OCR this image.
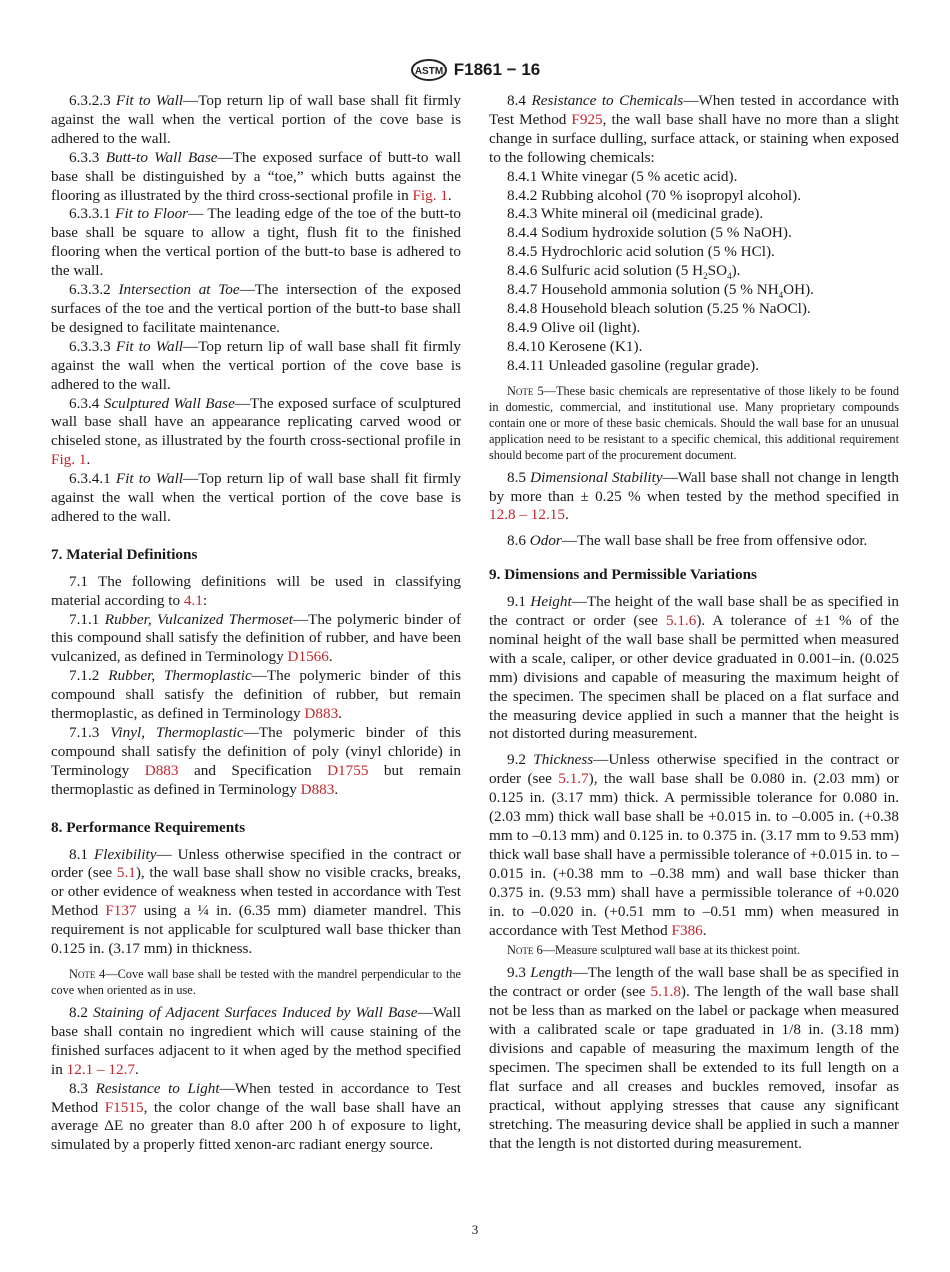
ASTM F1861 − 16

6.3.2.3 Fit to Wall—Top return lip of wall base shall fit firmly against the wall when the vertical portion of the cove base is adhered to the wall.

6.3.3 Butt-to Wall Base—The exposed surface of butt-to wall base shall be distinguished by a “toe,” which butts against the flooring as illustrated by the third cross-sectional profile in Fig. 1.

6.3.3.1 Fit to Floor— The leading edge of the toe of the butt-to base shall be square to allow a tight, flush fit to the finished flooring when the vertical portion of the butt-to base is adhered to the wall.

6.3.3.2 Intersection at Toe—The intersection of the exposed surfaces of the toe and the vertical portion of the butt-to base shall be designed to facilitate maintenance.

6.3.3.3 Fit to Wall—Top return lip of wall base shall fit firmly against the wall when the vertical portion of the cove base is adhered to the wall.

6.3.4 Sculptured Wall Base—The exposed surface of sculptured wall base shall have an appearance replicating carved wood or chiseled stone, as illustrated by the fourth cross-sectional profile in Fig. 1.

6.3.4.1 Fit to Wall—Top return lip of wall base shall fit firmly against the wall when the vertical portion of the cove base is adhered to the wall.

7. Material Definitions

7.1 The following definitions will be used in classifying material according to 4.1:

7.1.1 Rubber, Vulcanized Thermoset—The polymeric binder of this compound shall satisfy the definition of rubber, and have been vulcanized, as defined in Terminology D1566.

7.1.2 Rubber, Thermoplastic—The polymeric binder of this compound shall satisfy the definition of rubber, but remain thermoplastic, as defined in Terminology D883.

7.1.3 Vinyl, Thermoplastic—The polymeric binder of this compound shall satisfy the definition of poly (vinyl chloride) in Terminology D883 and Specification D1755 but remain thermoplastic as defined in Terminology D883.

8. Performance Requirements

8.1 Flexibility— Unless otherwise specified in the contract or order (see 5.1), the wall base shall show no visible cracks, breaks, or other evidence of weakness when tested in accordance with Test Method F137 using a ¼ in. (6.35 mm) diameter mandrel. This requirement is not applicable for sculptured wall base thicker than 0.125 in. (3.17 mm) in thickness.

Note 4—Cove wall base shall be tested with the mandrel perpendicular to the cove when oriented as in use.

8.2 Staining of Adjacent Surfaces Induced by Wall Base—Wall base shall contain no ingredient which will cause staining of the finished surfaces adjacent to it when aged by the method specified in 12.1 – 12.7.

8.3 Resistance to Light—When tested in accordance to Test Method F1515, the color change of the wall base shall have an average ΔE no greater than 8.0 after 200 h of exposure to light, simulated by a properly fitted xenon-arc radiant energy source.

8.4 Resistance to Chemicals—When tested in accordance with Test Method F925, the wall base shall have no more than a slight change in surface dulling, surface attack, or staining when exposed to the following chemicals:

8.4.1 White vinegar (5 % acetic acid).

8.4.2 Rubbing alcohol (70 % isopropyl alcohol).

8.4.3 White mineral oil (medicinal grade).

8.4.4 Sodium hydroxide solution (5 % NaOH).

8.4.5 Hydrochloric acid solution (5 % HCl).

8.4.6 Sulfuric acid solution (5 $H_2SO_4$).

8.4.7 Household ammonia solution (5 % $NH_4OH$).

8.4.8 Household bleach solution (5.25 % NaOCl).

8.4.9 Olive oil (light).

8.4.10 Kerosene (K1).

8.4.11 Unleaded gasoline (regular grade).

Note 5—These basic chemicals are representative of those likely to be found in domestic, commercial, and institutional use. Many proprietary compounds contain one or more of these basic chemicals. Should the wall base for an unusual application need to be resistant to a specific chemical, this additional requirement should become part of the procurement document.

8.5 Dimensional Stability—Wall base shall not change in length by more than ± 0.25 % when tested by the method specified in 12.8 – 12.15.

8.6 Odor—The wall base shall be free from offensive odor.

9. Dimensions and Permissible Variations

9.1 Height—The height of the wall base shall be as specified in the contract or order (see 5.1.6). A tolerance of ±1 % of the nominal height of the wall base shall be permitted when measured with a scale, caliper, or other device graduated in 0.001–in. (0.025 mm) divisions and capable of measuring the maximum height of the specimen. The specimen shall be placed on a flat surface and the measuring device applied in such a manner that the height is not distorted during measurement.

9.2 Thickness—Unless otherwise specified in the contract or order (see 5.1.7), the wall base shall be 0.080 in. (2.03 mm) or 0.125 in. (3.17 mm) thick. A permissible tolerance for 0.080 in. (2.03 mm) thick wall base shall be +0.015 in. to –0.005 in. (+0.38 mm to –0.13 mm) and 0.125 in. to 0.375 in. (3.17 mm to 9.53 mm) thick wall base shall have a permissible tolerance of +0.015 in. to –0.015 in. (+0.38 mm to –0.38 mm) and wall base thicker than 0.375 in. (9.53 mm) shall have a permissible tolerance of +0.020 in. to –0.020 in. (+0.51 mm to –0.51 mm) when measured in accordance with Test Method F386.

Note 6—Measure sculptured wall base at its thickest point.

9.3 Length—The length of the wall base shall be as specified in the contract or order (see 5.1.8). The length of the wall base shall not be less than as marked on the label or package when measured with a calibrated scale or tape graduated in 1/8 in. (3.18 mm) divisions and capable of measuring the maximum length of the specimen. The specimen shall be extended to its full length on a flat surface and all creases and buckles removed, insofar as practical, without applying stresses that cause any significant stretching. The measuring device shall be applied in such a manner that the length is not distorted during measurement.

3
